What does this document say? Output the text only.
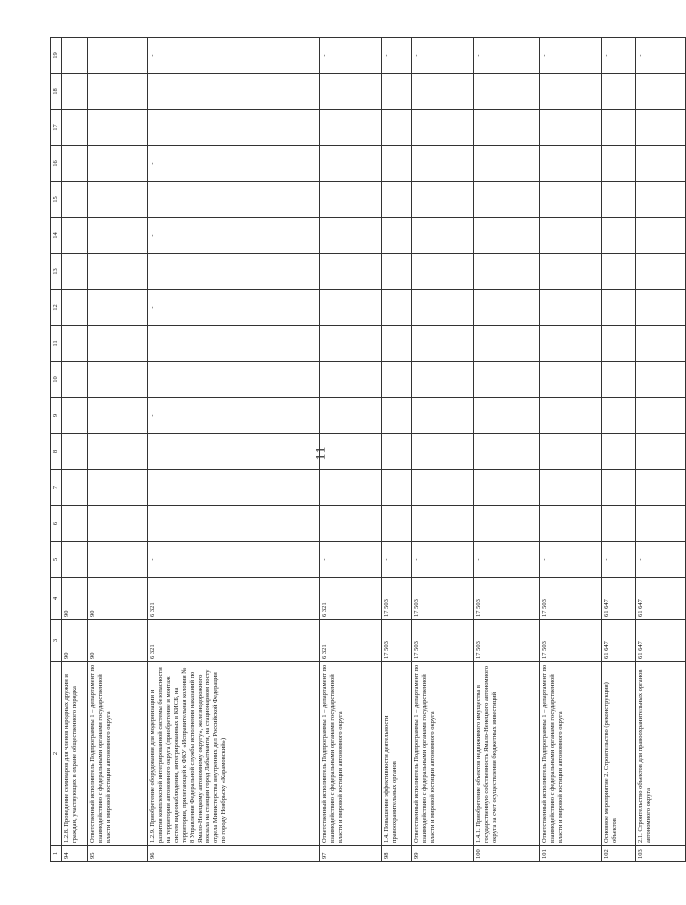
11
1	2	3	4	5	6	7	8	9	10	11	12	13	14	15	16	17	18	19
94	1.2.8. Проведение семинаров для членов народных дружин и граждан, участвующих в охране общественного порядка	90	90															
95	Ответственный исполнитель Подпрограммы 1 – департамент по взаимодействию с федеральными органами государственной власти и мировой юстиции автономного округа	90	90															
96	1.2.9. Приобретение оборудования для модернизации и развития комплексной интегрированной системы безопасности на территории автономного округа (приобретение и монтаж систем видеонаблюдения, интегрированных в КИСБ, на территории, прилегающей к ФКУ «Исправительная колония № 8 Управления Федеральной службы исполнения наказаний по Ямало-Ненецкому автономному округу», железнодорожного вокзала на станции город Лабытнанги, на стационарном посту отдела Министерства внутренних дел Российской Федерации по городу Ноябрьску «Карамовский»)	6 321	6 321	-				-			-		-		-			-
97	Ответственный исполнитель Подпрограммы 1 – департамент по взаимодействию с федеральными органами государственной власти и мировой юстиции автономного округа	6 321	6 321	-														-
98	1.4. Повышение эффективности деятельности правоохранительных органов	17 503	17 503	-														-
99	Ответственный исполнитель Подпрограммы 1 – департамент по взаимодействию с федеральными органами государственной власти и мировой юстиции автономного округа	17 503	17 503	-														-
100	1.4.1. Приобретение объектов недвижимого имущества в государственную собственность Ямало-Ненецкого автономного округа за счет осуществления бюджетных инвестиций	17 503	17 503	-														-
101	Ответственный исполнитель Подпрограммы 1 – департамент по взаимодействию с федеральными органами государственной власти и мировой юстиции автономного округа	17 503	17 503	-														-
102	Основное мероприятие 2. Строительство (реконструкция) объектов	61 647	61 647	-														-
103	2.1. Строительство объектов для правоохранительных органов автономного округа	61 647	61 647	-														-
